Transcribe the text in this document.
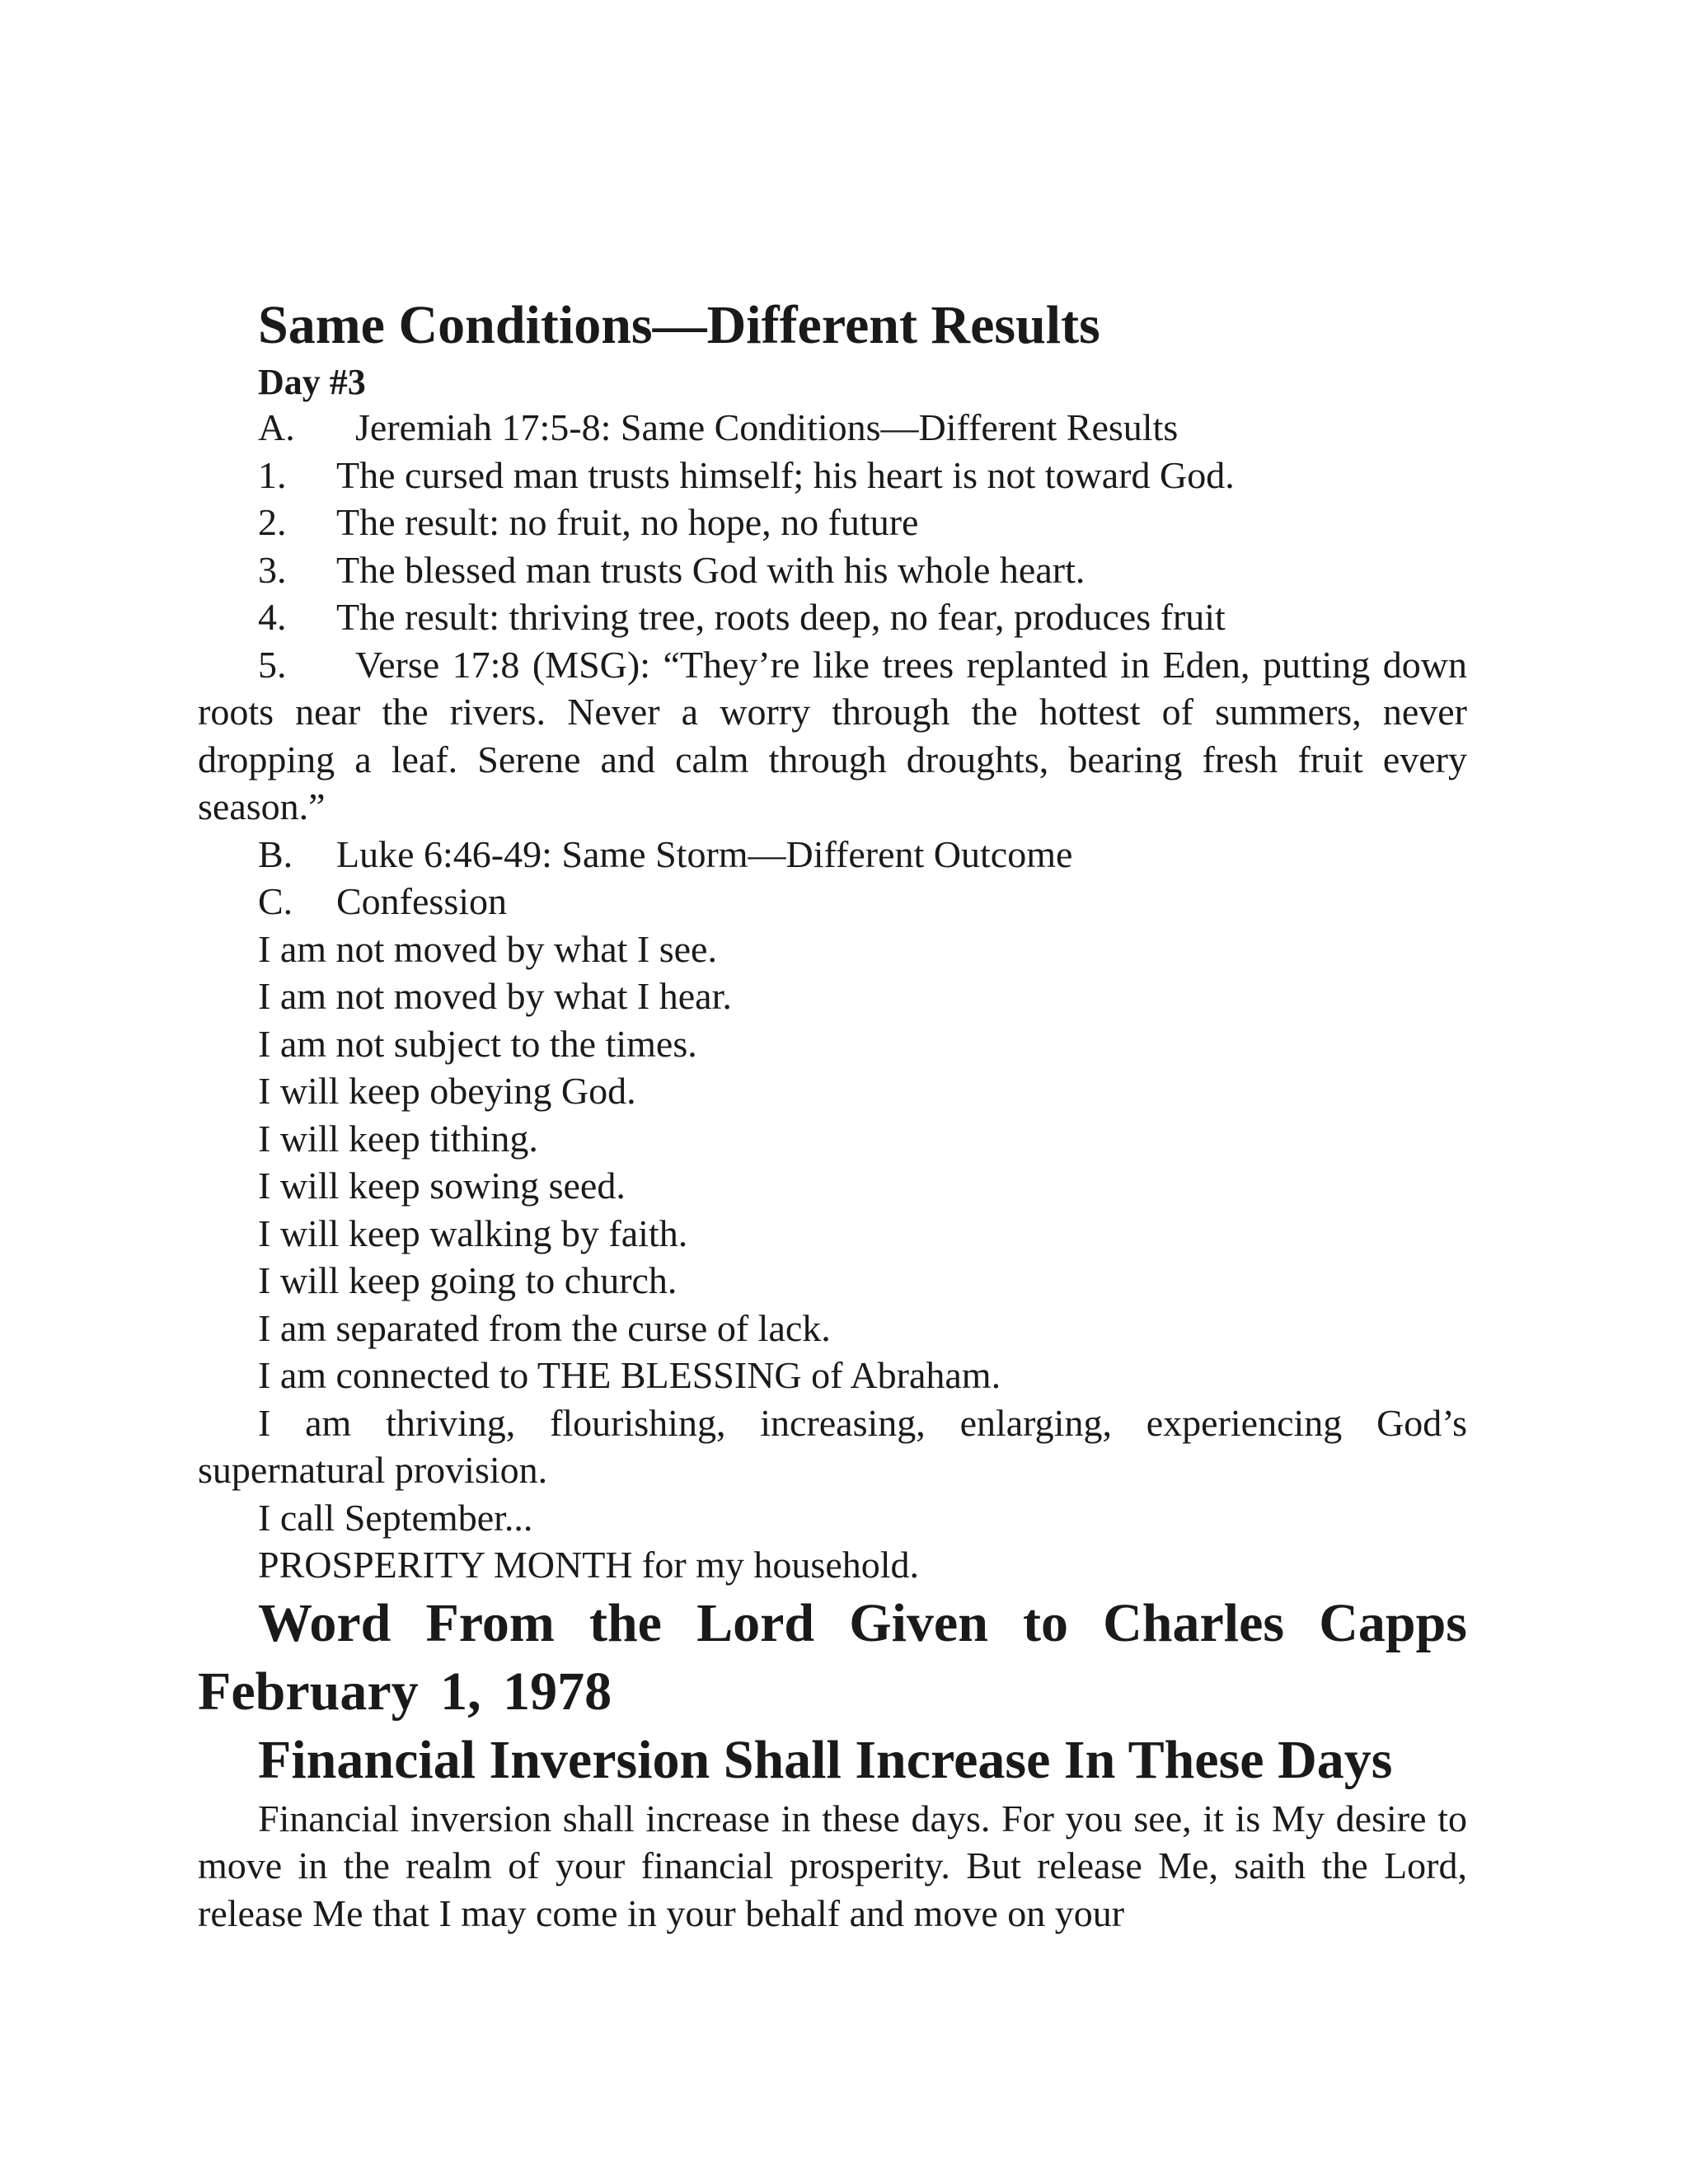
Same Conditions—Different Results
Day #3
A. Jeremiah 17:5-8: Same Conditions—Different Results
1. The cursed man trusts himself; his heart is not toward God.
2. The result: no fruit, no hope, no future
3. The blessed man trusts God with his whole heart.
4. The result: thriving tree, roots deep, no fear, produces fruit

5. Verse 17:8 (MSG): “They’re like trees replanted in Eden, putting down roots near the rivers. Never a worry through the hottest of summers, never dropping a leaf. Serene and calm through droughts, bearing fresh fruit every season.”

B. Luke 6:46-49: Same Storm—Different Outcome
C. Confession
I am not moved by what I see.
I am not moved by what I hear.
I am not subject to the times.
I will keep obeying God.
I will keep tithing.
I will keep sowing seed.
I will keep walking by faith.
I will keep going to church.
I am separated from the curse of lack.
I am connected to THE BLESSING of Abraham.

I am thriving, flourishing, increasing, enlarging, experiencing God’s supernatural provision.

I call September...
PROSPERITY MONTH for my household.
Word From the Lord Given to Charles Capps February 1, 1978
Financial Inversion Shall Increase In These Days

Financial inversion shall increase in these days. For you see, it is My desire to move in the realm of your financial prosperity. But release Me, saith the Lord, release Me that I may come in your behalf and move on your
